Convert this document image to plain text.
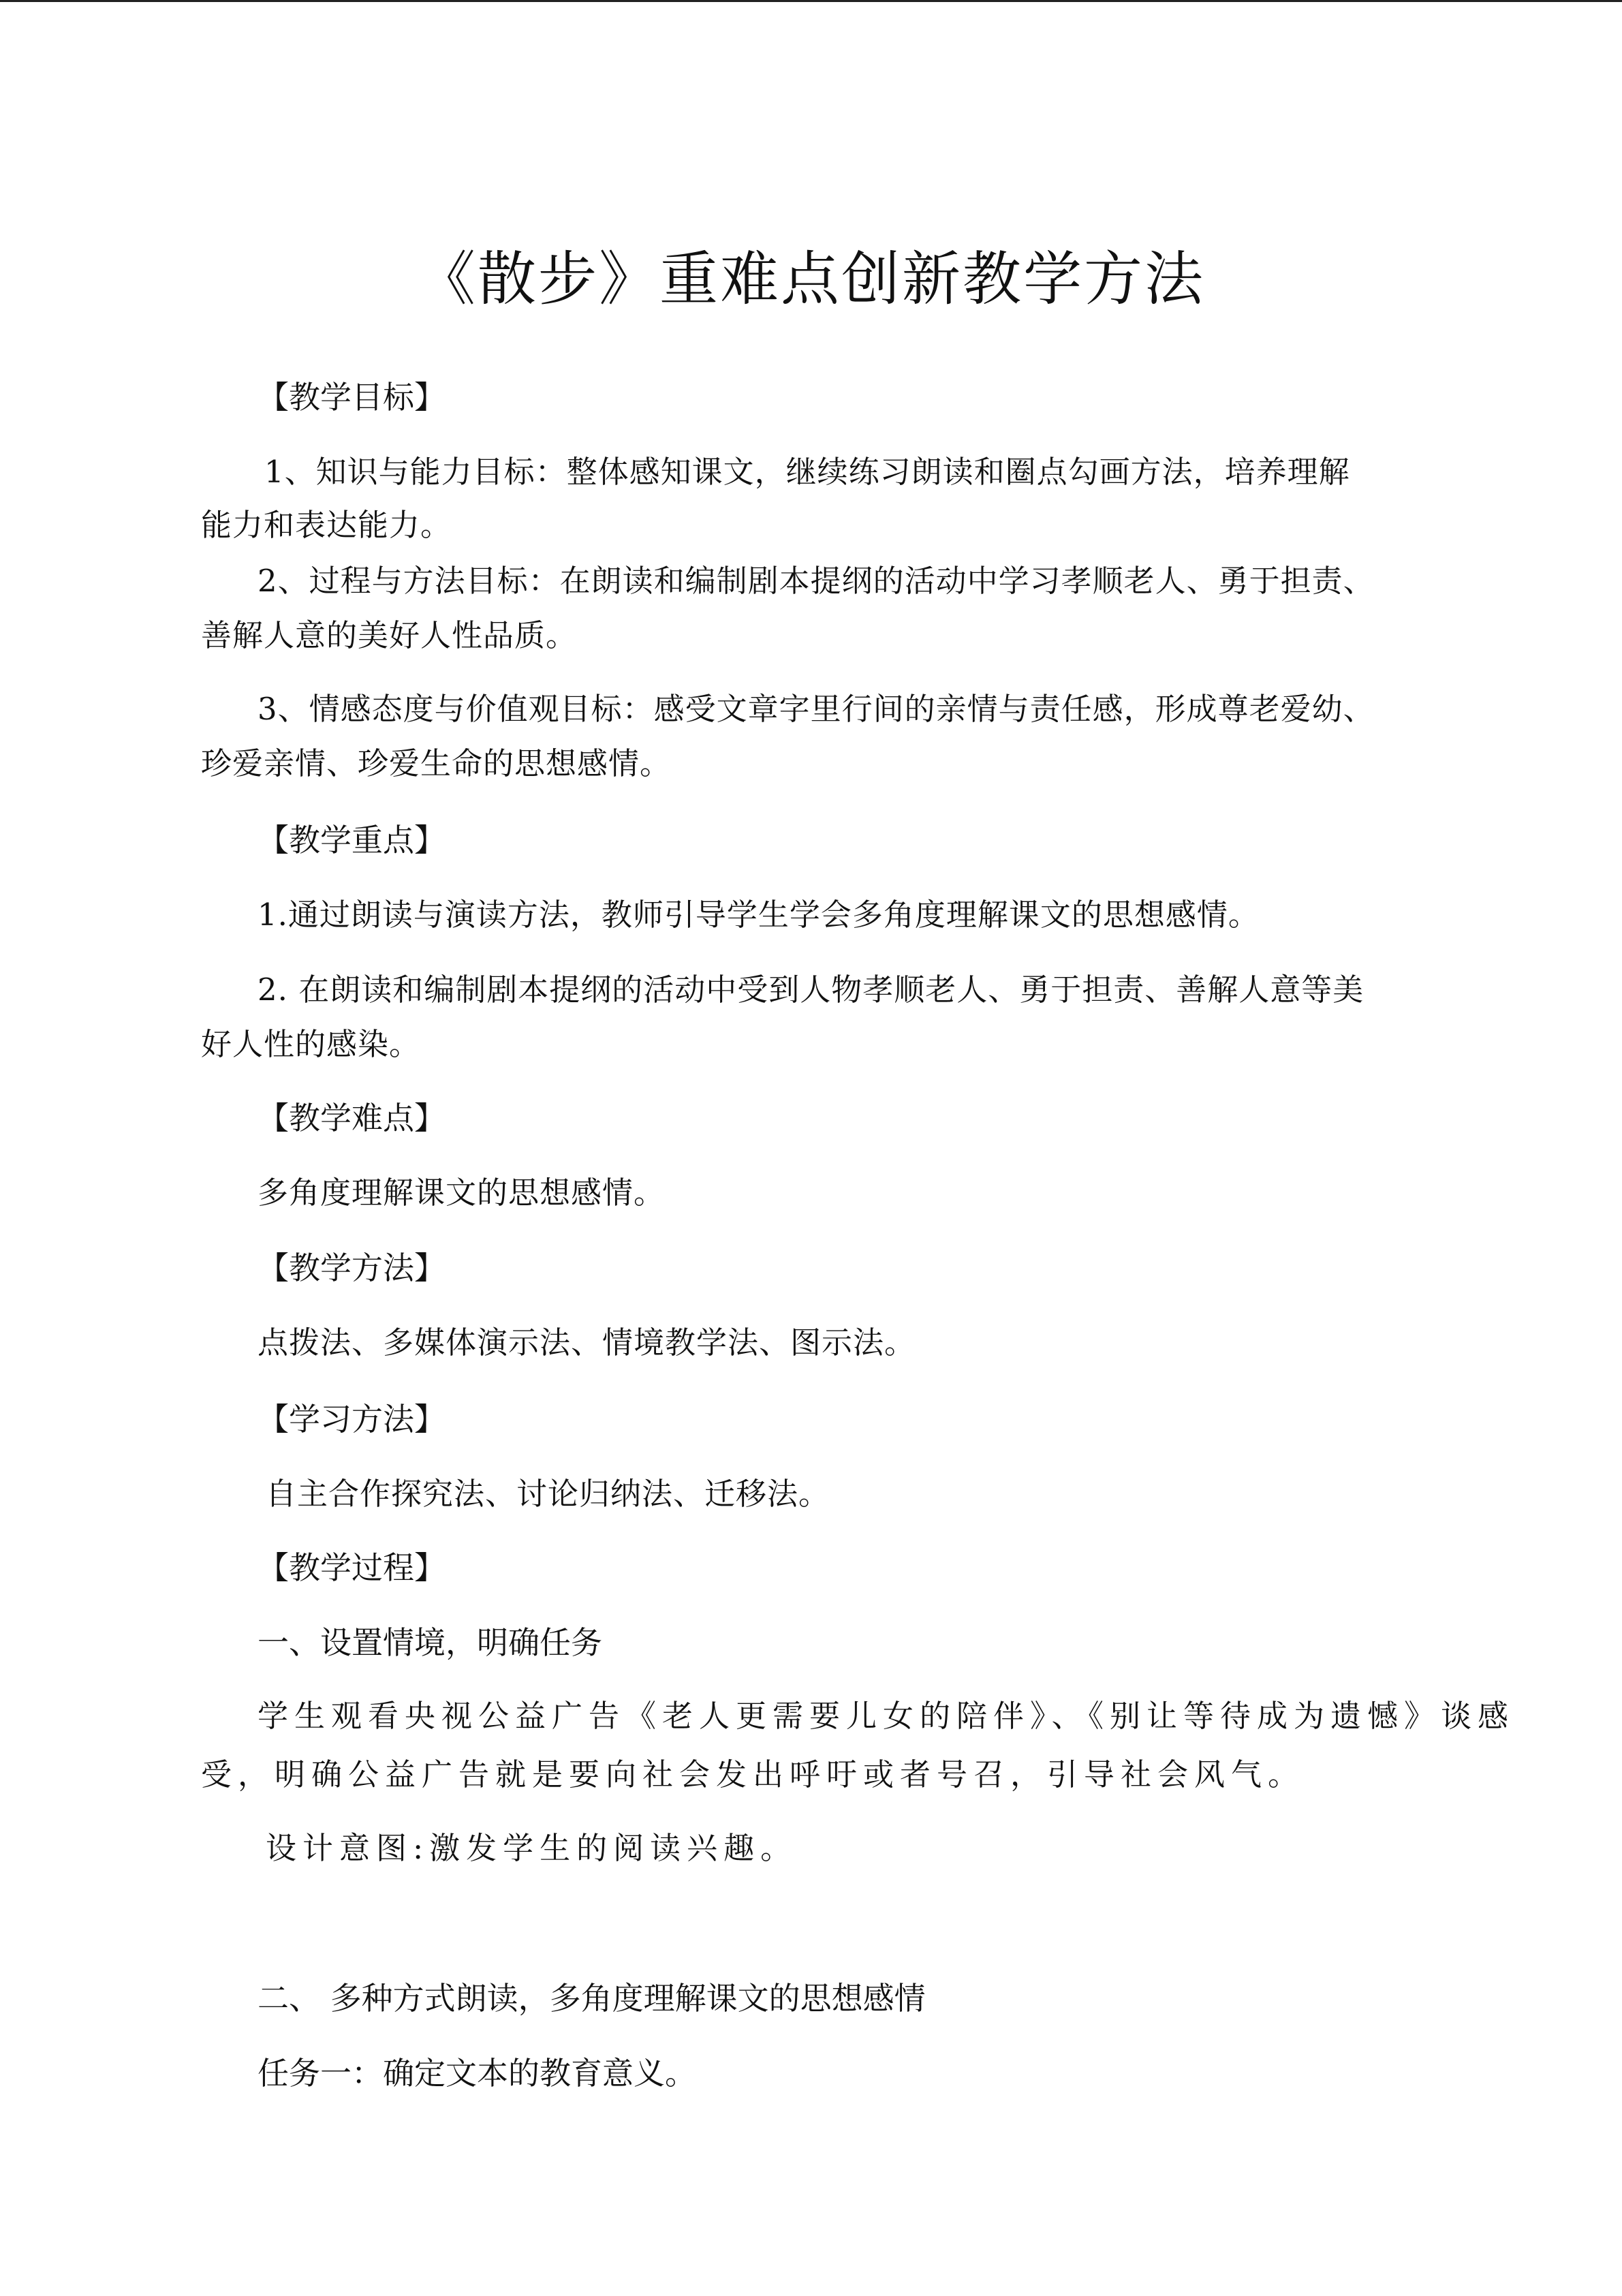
《散步》重难点创新教学方法
【教学目标】
1、知识与能力目标：整体感知课文，继续练习朗读和圈点勾画方法，培养理解
能力和表达能力。
2、过程与方法目标：在朗读和编制剧本提纲的活动中学习孝顺老人、勇于担责、
善解人意的美好人性品质。
3、情感态度与价值观目标：感受文章字里行间的亲情与责任感，形成尊老爱幼、
珍爱亲情、珍爱生命的思想感情。
【教学重点】
1.通过朗读与演读方法，教师引导学生学会多角度理解课文的思想感情。
2. 在朗读和编制剧本提纲的活动中受到人物孝顺老人、勇于担责、善解人意等美
好人性的感染。
【教学难点】
多角度理解课文的思想感情。
【教学方法】
点拨法、多媒体演示法、情境教学法、图示法。
【学习方法】
自主合作探究法、讨论归纳法、迁移法。
【教学过程】
一、设置情境，明确任务
学生观看央视公益广告《老人更需要儿女的陪伴》、《别让等待成为遗憾》谈感
受，明确公益广告就是要向社会发出呼吁或者号召，引导社会风气。
设计意图:激发学生的阅读兴趣。
二、 多种方式朗读，多角度理解课文的思想感情
任务一：确定文本的教育意义。
